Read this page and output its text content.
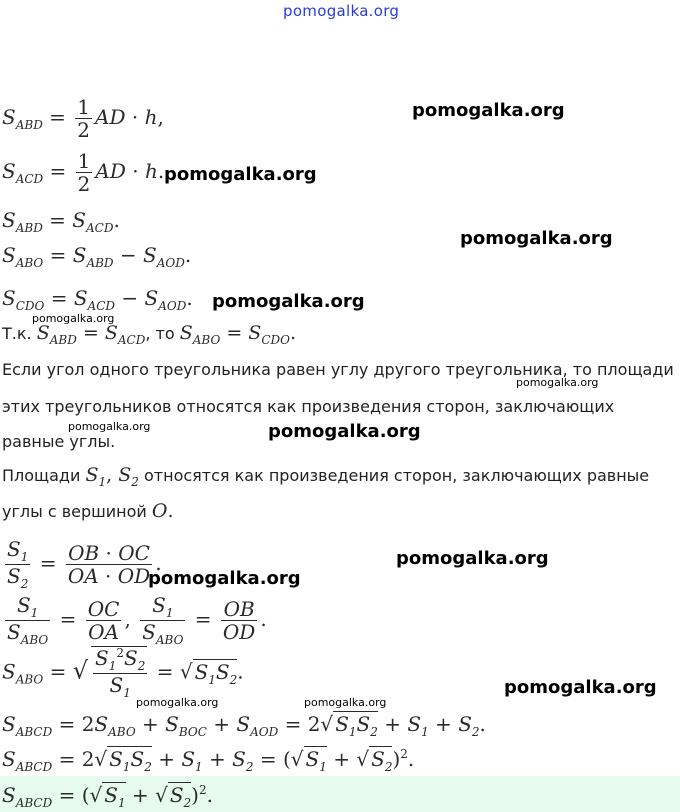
pomogalka.org
$S_{ABD} = \frac{1}{2}$ AD · h,	pomogalka.org
$S_{ACD} = \frac{1}{2}$ AD · h. pomogalka.org
$S_{ABD} = S_{ACD}$.
$S_{ABO} = S_{ABD} - S_{AOD}$.
pomogalka.org
$S_{CDO} = S_{ACD} - S_{AOD}$. pomogalka.org
pomogalka.org
Т.к. $S_{ABD} = S_{ACD}$, то $S_{ABO} = S_{CDO}$.
Если угол одного треугольника равен углу другого треугольника, то площади
pomogalka.org
этих треугольников относятся как произведения сторон, заключающих
pomogalka.org
равные углы.	pomogalka.org
Площади $S_1$, $S_2$ относятся как произведения сторон, заключающих равные
углы с вершиной O.
$\frac{S_1}{S_2} = \frac{OB \cdot OC}{OA \cdot OD}$ .	pomogalka.org
pomogalka.org
$\frac{S_1}{S_{ABO}} = \frac{OC}{OA}$ , $\frac{S_1}{S_{ABO}} = \frac{OB}{OD}$ .
$S_{ABO}$ = √ $\frac{S_1^2S_2}{S_1}$ = √ $S_1S_2$.
pomogalka.org
pomogalka.org	pomogalka.org
$S_{ABCD} = 2S_{ABO} + S_{BOC} + S_{AOD} = 2√$ $S_1S_2 + S_1 + S_2$.
$S_{ABCD} = 2√$ $S_1S_2 + S_1 + S_2$ = (√ $S_1$ + √ $S_2)^2$.
$S_{ABCD}$ = (√ $S_1$ + √ $S_2)^2$.
